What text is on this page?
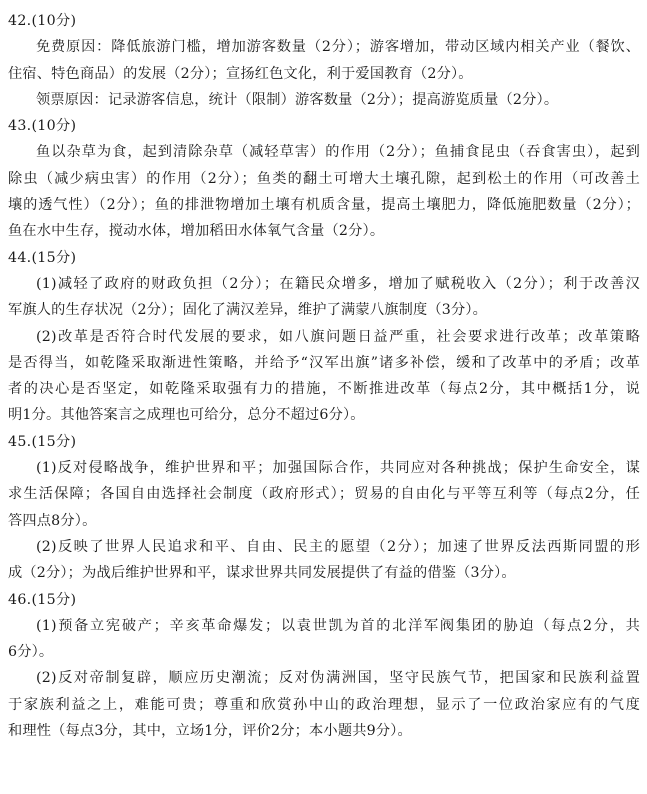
42.(10分)
免费原因：降低旅游门槛，增加游客数量（2分）；游客增加，带动区域内相关产业（餐饮、
住宿、特色商品）的发展（2分）；宣扬红色文化，利于爱国教育（2分）。
领票原因：记录游客信息，统计（限制）游客数量（2分）；提高游览质量（2分）。
43.(10分)
鱼以杂草为食，起到清除杂草（减轻草害）的作用（2分）；鱼捕食昆虫（吞食害虫），起到
除虫（减少病虫害）的作用（2分）；鱼类的翻土可增大土壤孔隙，起到松土的作用（可改善土
壤的透气性）（2分）；鱼的排泄物增加土壤有机质含量，提高土壤肥力，降低施肥数量（2分）；
鱼在水中生存，搅动水体，增加稻田水体氧气含量（2分）。
44.(15分)
(1)减轻了政府的财政负担（2分）；在籍民众增多，增加了赋税收入（2分）；利于改善汉
军旗人的生存状况（2分）；固化了满汉差异，维护了满蒙八旗制度（3分）。
(2)改革是否符合时代发展的要求，如八旗问题日益严重，社会要求进行改革；改革策略
是否得当，如乾隆采取渐进性策略，并给予“汉军出旗”诸多补偿，缓和了改革中的矛盾；改革
者的决心是否坚定，如乾隆采取强有力的措施，不断推进改革（每点2分，其中概括1分，说
明1分。其他答案言之成理也可给分，总分不超过6分）。
45.(15分)
(1)反对侵略战争，维护世界和平；加强国际合作，共同应对各种挑战；保护生命安全，谋
求生活保障；各国自由选择社会制度（政府形式）；贸易的自由化与平等互利等（每点2分，任
答四点8分）。
(2)反映了世界人民追求和平、自由、民主的愿望（2分）；加速了世界反法西斯同盟的形
成（2分）；为战后维护世界和平，谋求世界共同发展提供了有益的借鉴（3分）。
46.(15分)
(1)预备立宪破产；辛亥革命爆发；以袁世凯为首的北洋军阀集团的胁迫（每点2分，共
6分）。
(2)反对帝制复辟，顺应历史潮流；反对伪满洲国，坚守民族气节，把国家和民族利益置
于家族利益之上，难能可贵；尊重和欣赏孙中山的政治理想，显示了一位政治家应有的气度
和理性（每点3分，其中，立场1分，评价2分；本小题共9分）。
